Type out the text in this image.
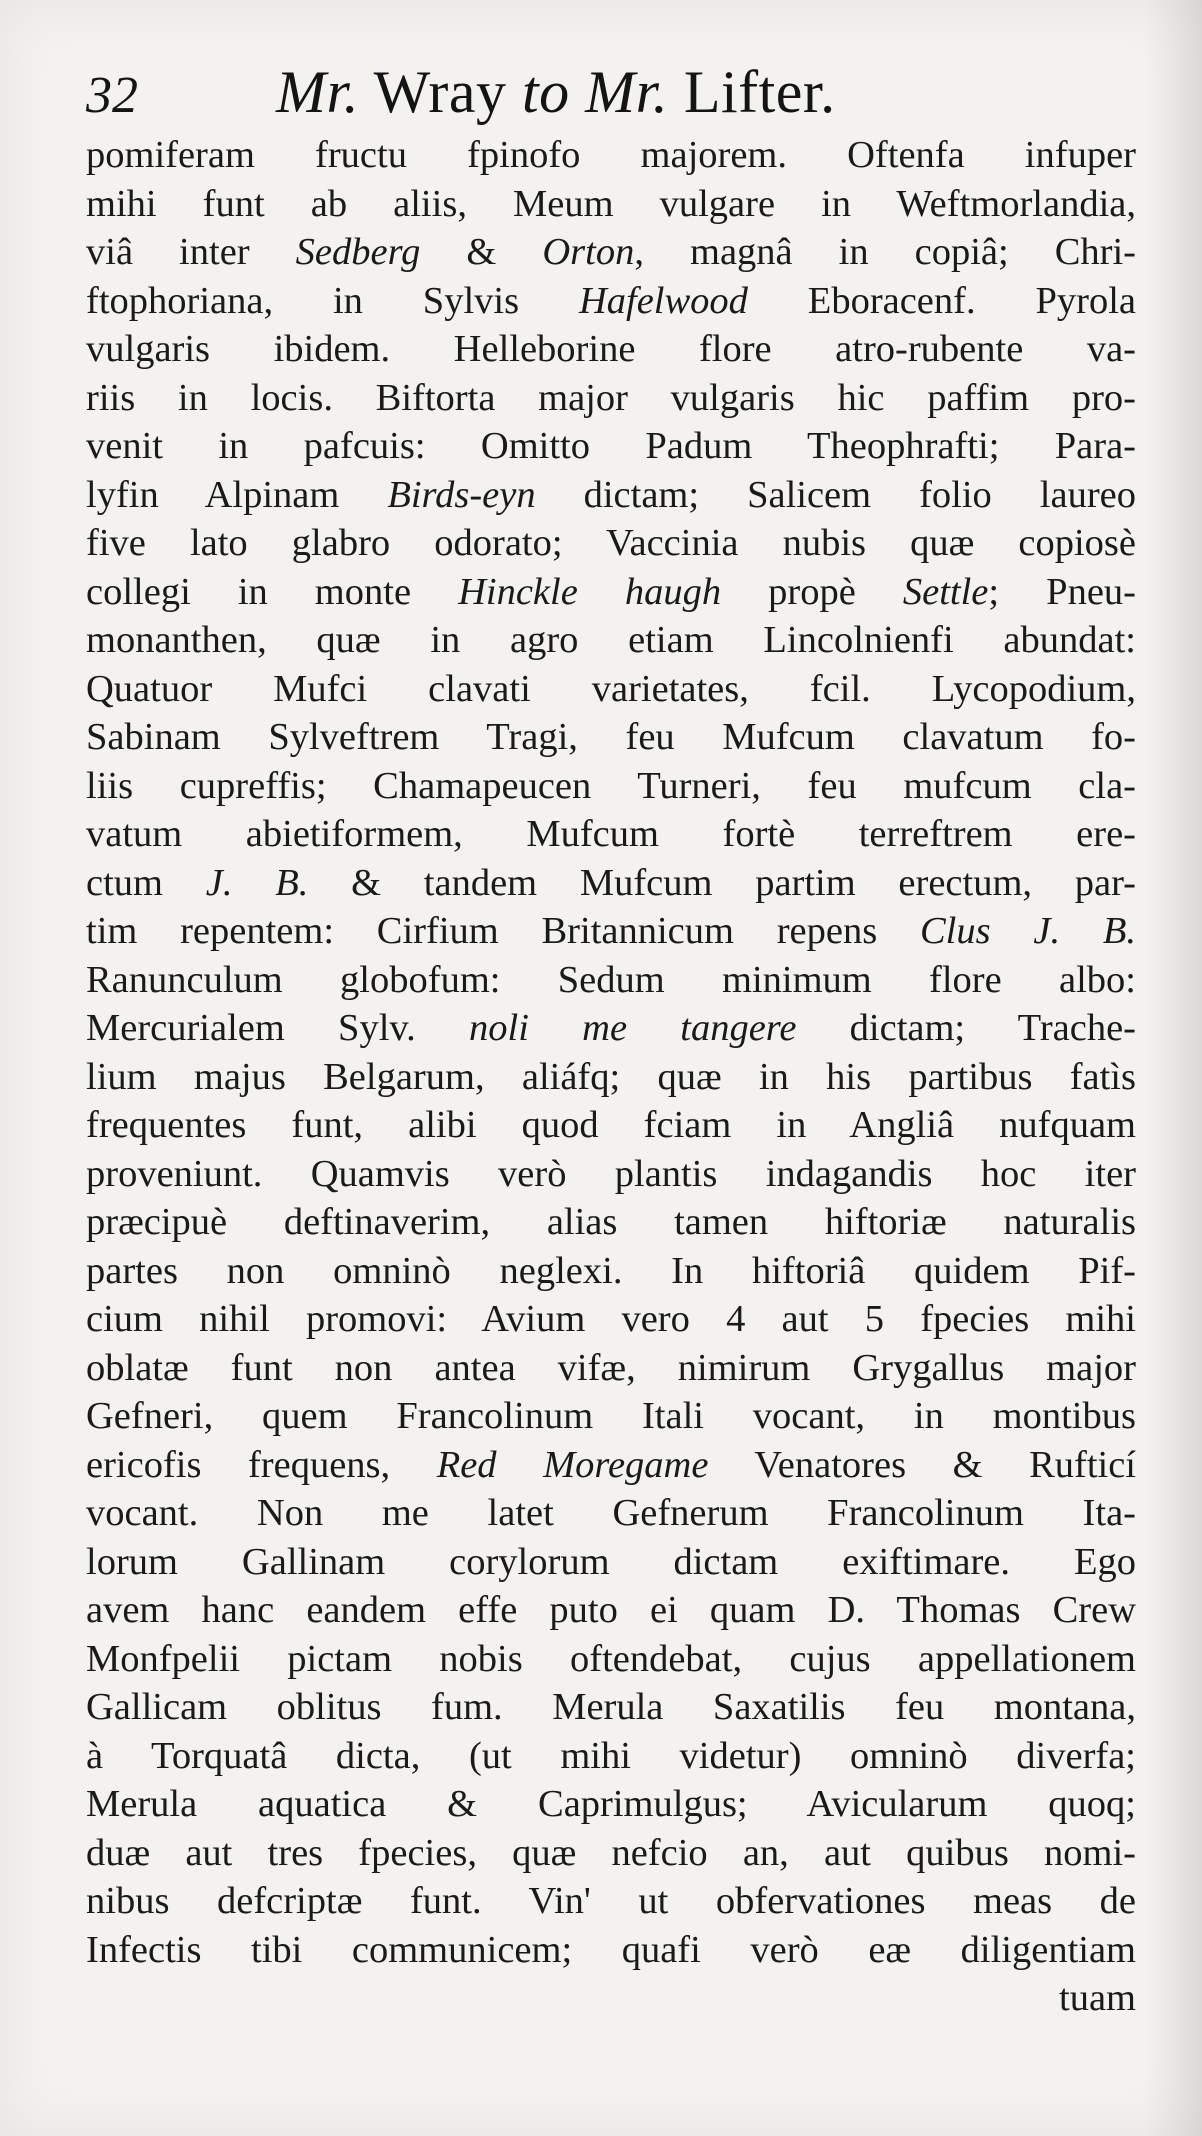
32 Mr. Wray to Mr. Lifter.
pomiferam fructu fpinofo majorem. Oftenfa infuper
mihi funt ab aliis, Meum vulgare in Weftmorlandia,
viâ inter Sedberg & Orton, magnâ in copiâ; Chri-
ftophoriana, in Sylvis Hafelwood Eboracenf. Pyrola
vulgaris ibidem. Helleborine flore atro-rubente va-
riis in locis. Biftorta major vulgaris hic paffim pro-
venit in pafcuis: Omitto Padum Theophrafti; Para-
lyfin Alpinam Birds-eyn dictam; Salicem folio laureo
five lato glabro odorato; Vaccinia nubis quæ copiosè
collegi in monte Hinckle haugh propè Settle; Pneu-
monanthen, quæ in agro etiam Lincolnienfi abundat:
Quatuor Mufci clavati varietates, fcil. Lycopodium,
Sabinam Sylveftrem Tragi, feu Mufcum clavatum fo-
liis cupreffis; Chamapeucen Turneri, feu mufcum cla-
vatum abietiformem, Mufcum fortè terreftrem ere-
ctum J. B. & tandem Mufcum partim erectum, par-
tim repentem: Cirfium Britannicum repens Clus J. B.
Ranunculum globofum: Sedum minimum flore albo:
Mercurialem Sylv. noli me tangere dictam; Trache-
lium majus Belgarum, aliáfq; quæ in his partibus fatìs
frequentes funt, alibi quod fciam in Angliâ nufquam
proveniunt. Quamvis verò plantis indagandis hoc iter
præcipuè deftinaverim, alias tamen hiftoriæ naturalis
partes non omninò neglexi. In hiftoriâ quidem Pif-
cium nihil promovi: Avium vero 4 aut 5 fpecies mihi
oblatæ funt non antea vifæ, nimirum Grygallus major
Gefneri, quem Francolinum Itali vocant, in montibus
ericofis frequens, Red Moregame Venatores & Rufticí
vocant. Non me latet Gefnerum Francolinum Ita-
lorum Gallinam corylorum dictam exiftimare. Ego
avem hanc eandem effe puto ei quam D. Thomas Crew
Monfpelii pictam nobis oftendebat, cujus appellationem
Gallicam oblitus fum. Merula Saxatilis feu montana,
à Torquatâ dicta, (ut mihi videtur) omninò diverfa;
Merula aquatica & Caprimulgus; Avicularum quoq;
duæ aut tres fpecies, quæ nefcio an, aut quibus nomi-
nibus defcriptæ funt. Vin' ut obfervationes meas de
Infectis tibi communicem; quafi verò eæ diligentiam
tuam
